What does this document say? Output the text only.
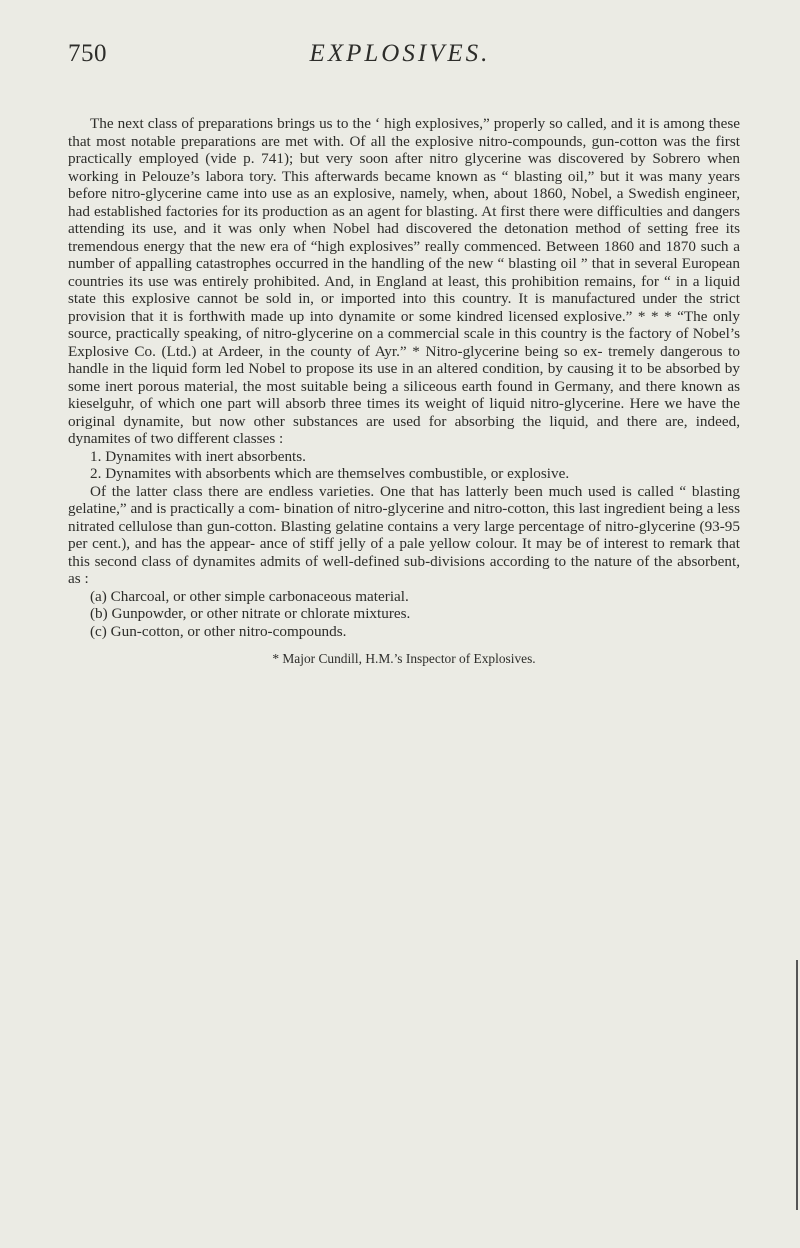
750	EXPLOSIVES.

The next class of preparations brings us to the ‘ high explosives,” properly so called, and it is among these that most notable preparations are met with. Of all the explosive nitro-compounds, gun-cotton was the first practically employed (vide p. 741); but very soon after nitro glycerine was discovered by Sobrero when working in Pelouze’s labora tory. This afterwards became known as “ blasting oil,” but it was many years before nitro-glycerine came into use as an explosive, namely, when, about 1860, Nobel, a Swedish engineer, had established factories for its production as an agent for blasting. At first there were difficulties and dangers attending its use, and it was only when Nobel had discovered the detonation method of setting free its tremendous energy that the new era of “high explosives” really commenced. Between 1860 and 1870 such a number of appalling catastrophes occurred in the handling of the new “ blasting oil ” that in several European countries its use was entirely prohibited. And, in England at least, this prohibition remains, for “ in a liquid state this explosive cannot be sold in, or imported into this country. It is manufactured under the strict provision that it is forthwith made up into dynamite or some kindred licensed explosive.” * * * “The only source, practically speaking, of nitro-glycerine on a commercial scale in this country is the factory of Nobel’s Explosive Co. (Ltd.) at Ardeer, in the county of Ayr.” * Nitro-glycerine being so ex- tremely dangerous to handle in the liquid form led Nobel to propose its use in an altered condition, by causing it to be absorbed by some inert porous material, the most suitable being a siliceous earth found in Germany, and there known as kieselguhr, of which one part will absorb three times its weight of liquid nitro-glycerine. Here we have the original dynamite, but now other substances are used for absorbing the liquid, and there are, indeed, dynamites of two different classes :

1. Dynamites with inert absorbents.

2. Dynamites with absorbents which are themselves combustible, or explosive.

Of the latter class there are endless varieties. One that has latterly been much used is called “ blasting gelatine,” and is practically a com- bination of nitro-glycerine and nitro-cotton, this last ingredient being a less nitrated cellulose than gun-cotton. Blasting gelatine contains a very large percentage of nitro-glycerine (93-95 per cent.), and has the appear- ance of stiff jelly of a pale yellow colour. It may be of interest to remark that this second class of dynamites admits of well-defined sub-divisions according to the nature of the absorbent, as :

(a) Charcoal, or other simple carbonaceous material.

(b) Gunpowder, or other nitrate or chlorate mixtures.

(c) Gun-cotton, or other nitro-compounds.

* Major Cundill, H.M.’s Inspector of Explosives.
